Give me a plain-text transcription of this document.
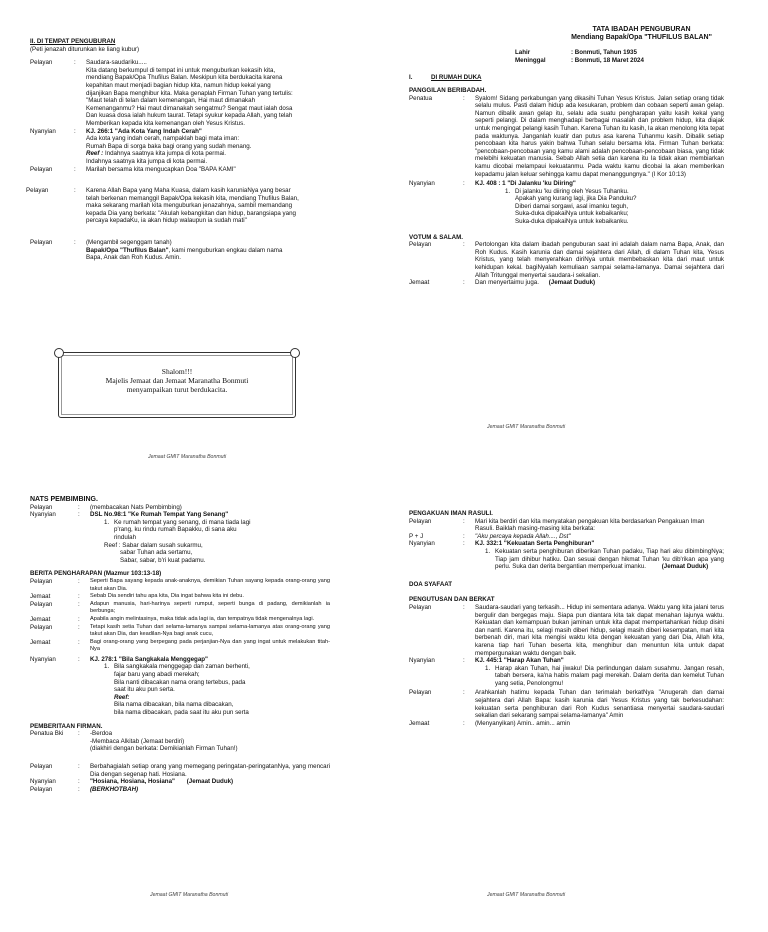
II. DI TEMPAT PENGUBURAN
(Peti jenazah diturunkan ke liang kubur)
Pelayan	:	Saudara-saudariku.....
Kita datang berkumpul di tempat ini untuk menguburkan kekasih kita,
mendiang Bapak/Opa Thufilus Balan. Meskipun kita berdukacita karena
kepahitan maut menjadi bagian hidup kita, namun hidup kekal yang
dijanjikan Bapa menghibur kita. Maka genaplah Firman Tuhan yang tertulis:
"Maut telah di telan dalam kemenangan, Hai maut dimanakah
Kemenanganmu? Hai maut dimanakah sengatmu? Sengat maut ialah dosa
Dan kuasa dosa ialah hukum taurat. Tetapi syukur kepada Allah, yang telah
Memberikan kepada kita kemenangan oleh Yesus Kristus.
Nyanyian	:	KJ. 266:1 "Ada Kota Yang Indah Cerah"
Ada kota yang indah cerah, nampaklah bagi mata iman:
Rumah Bapa di sorga baka bagi orang yang sudah menang.
Reef : Indahnya saatnya kita jumpa di kota permai.
Indahnya saatnya kita jumpa di kota permai.
Pelayan	:	Marilah bersama kita mengucapkan Doa "BAPA KAMI"
Pelayan	:	Karena Allah Bapa yang Maha Kuasa, dalam kasih karuniaNya yang besar
telah berkenan memanggil Bapak/Opa kekasih kita, mendiang Thufilus Balan,
maka sekarang marilah kita menguburkan jenazahnya, sambil memandang
kepada Dia yang berkata: "Akulah kebangkitan dan hidup, barangsiapa yang
percaya kepadaKu, ia akan hidup walaupun ia sudah mati"
Pelayan	:	(Mengambil segenggam tanah)
Bapak/Opa "Thufilus Balan", kami menguburkan engkau dalam nama
Bapa, Anak dan Roh Kudus. Amin.
Shalom!!!
Majelis Jemaat dan Jemaat Maranatha Bonmuti
menyampaikan turut berdukacita.
Jemaat GMIT Maranatha Bonmuti
TATA IBADAH PENGUBURAN
Mendiang Bapak/Opa "THUFILUS BALAN"
Lahir	: Bonmuti, Tahun 1935
Meninggal	: Bonmuti, 18 Maret 2024
I.	DI RUMAH DUKA
PANGGILAN BERIBADAH.
Penatua	:	Syalom! Sidang perkabungan yang dikasihi Tuhan Yesus Kristus. Jalan setiap orang tidak selalu mulus. Pasti dalam hidup ada kesukaran, problem dan cobaan seperti awan gelap. Namun dibalik awan gelap itu, selalu ada suatu pengharapan yaitu kasih kekal yang seperti pelangi. Di dalam menghadapi berbagai masalah dan problem hidup, kita diajak untuk mengingat pelangi kasih Tuhan. Karena Tuhan itu kasih, Ia akan menolong kita tepat pada waktunya. Janganlah kuatir dan putus asa karena Tuhanmu kasih. Dibalik setiap pencobaan kita harus yakin bahwa Tuhan selalu bersama kita. Firman Tuhan berkata: "pencobaan-pencobaan yang kamu alami adalah pencobaan-pencobaan biasa, yang tidak melebihi kekuatan manusia. Sebab Allah setia dan karena itu Ia tidak akan membiarkan kamu dicobai melampaui kekuatanmu. Pada waktu kamu dicobai Ia akan memberikan kepadamu jalan keluar sehingga kamu dapat menanggungnya." (I Kor 10:13)
Nyanyian	:	KJ. 408 : 1 "Di Jalanku 'ku Diiring"
1. Di jalanku 'ku diiring oleh Yesus Tuhanku.
Apakah yang kurang lagi, jika Dia Panduku?
Diberi damai sorgawi, asal imanku teguh,
Suka-duka dipakaiNya untuk kebaikanku;
Suka-duka dipakaiNya untuk kebaikanku.
VOTUM & SALAM.
Pelayan	:	Pertolongan kita dalam ibadah penguburan saat ini adalah dalam nama Bapa, Anak, dan Roh Kudus. Kasih karunia dan damai sejahtera dari Allah, di dalam Tuhan kita, Yesus Kristus, yang telah menyerahkan diriNya untuk membebaskan kita dari maut untuk kehidupan kekal. bagiNyalah kemuliaan sampai selama-lamanya. Damai sejahtera dari Allah Tritunggal menyertai saudara-i sekalian.
Jemaat	:	Dan menyertaimu juga. (Jemaat Duduk)
Jemaat GMIT Maranatha Bonmuti
NATS PEMBIMBING.
Pelayan	:	(membacakan Nats Pembimbing)
Nyanyian	:	DSL No.98:1 "Ke Rumah Tempat Yang Senang"
1. Ke rumah tempat yang senang, di mana tiada lagi
p'rang, ku rindu rumah Bapakku, di sana aku
rindulah
Reef : Sabar dalam susah sukarmu,
sabar Tuhan ada sertamu,
Sabar, sabar, b'ri kuat padamu.
BERITA PENGHARAPAN (Mazmur 103:13-18)
Pelayan	:	Seperti Bapa sayang kepada anak-anaknya, demikian Tuhan sayang kepada orang-orang yang takut akan Dia.
Jemaat	:	Sebab Dia sendiri tahu apa kita, Dia ingat bahwa kita ini debu.
Pelayan	:	Adapun manusia, hari-harinya seperti rumput, seperti bunga di padang, demikianlah ia berbunga;
Jemaat	:	Apabila angin melintasinya, maka tidak ada lagi ia, dan tempatnya tidak mengenalnya lagi.
Pelayan	:	Tetapi kasih setia Tuhan dari selama-lamanya sampai selama-lamanya atas orang-orang yang takut akan Dia, dan keadilan-Nya bagi anak cucu,
Jemaat	:	Bagi orang-orang yang berpegang pada perjanjian-Nya dan yang ingat untuk melakukan titah-Nya
Nyanyian	:	KJ. 278:1 "Bila Sangkakala Menggegap"
1. Bila sangkakala menggegap dan zaman berhenti,
fajar baru yang abadi merekah;
Bila nanti dibacakan nama orang tertebus, pada
saat itu aku pun serta.
Reef:
Bila nama dibacakan, bila nama dibacakan,
bila nama dibacakan, pada saat itu aku pun serta
PEMBERITAAN FIRMAN.
Penatua Bki	:	-Berdoa
-Membaca Alkitab (Jemaat berdiri)
(diakhiri dengan berkata: Demikianlah Firman Tuhan!)
Pelayan	:	Berbahagialah setiap orang yang memegang peringatan-peringatanNya, yang mencari Dia dengan segenap hati. Hosiana.
Nyanyian	:	"Hosiana, Hosiana, Hosiana" (Jemaat Duduk)
Pelayan	:	(BERKHOTBAH)
Jemaat GMIT Maranatha Bonmuti
PENGAKUAN IMAN RASULI.
Pelayan	:	Mari kita berdiri dan kita menyatakan pengakuan kita berdasarkan Pengakuan Iman Rasuli. Baiklah masing-masing kita berkata:
P + J	:	"Aku percaya kepada Allah...., Dst"
Nyanyian	:	KJ. 332:1 "Kekuatan Serta Penghiburan"
1. Kekuatan serta penghiburan diberikan Tuhan padaku, Tiap hari aku dibimbingNya; Tiap jam dihibur hatiku. Dan sesuai dengan hikmat Tuhan 'ku dib'rikan apa yang perlu. Suka dan derita bergantian memperkuat imanku.	(Jemaat Duduk)
DOA SYAFAAT
PENGUTUSAN DAN BERKAT
Pelayan	:	Saudara-saudari yang terkasih... Hidup ini sementara adanya. Waktu yang kita jalani terus bergulir dan bergegas maju. Siapa pun diantara kita tak dapat menahan lajunya waktu. Kekuatan dan kemampuan bukan jaminan untuk kita dapat mempertahankan hidup disini dan nanti. Karena itu, selagi masih diberi hidup, selagi masih diberi kesempatan, mari kita berbenah diri, mari kita mengisi waktu kita dengan kekuatan yang dari Dia, Allah kita, karena tiap hari Tuhan beserta kita, menghibur dan menuntun kita untuk dapat mempergunakan waktu dengan baik.
Nyanyian	:	KJ. 445:1 "Harap Akan Tuhan"
1. Harap akan Tuhan, hai jiwaku! Dia perlindungan dalam susahmu. Jangan resah, tabah bersera, ka'na habis malam pagi merekah. Dalam derita dan kemelut Tuhan yang setia, Penolongmu!
Pelayan	:	Arahkanlah hatimu kepada Tuhan dan terimalah berkatNya "Anugerah dan damai sejahtera dari Allah Bapa: kasih karunia dari Yesus Kristus yang tak berkesudahan: kekuatan serta penghiburan dari Roh Kudus senantiasa menyertai saudara-saudari sekalian dari sekarang sampai selama-lamanya" Amin
Jemaat	:	(Menyanyikan) Amin.. amin... amin
Jemaat GMIT Maranatha Bonmuti
